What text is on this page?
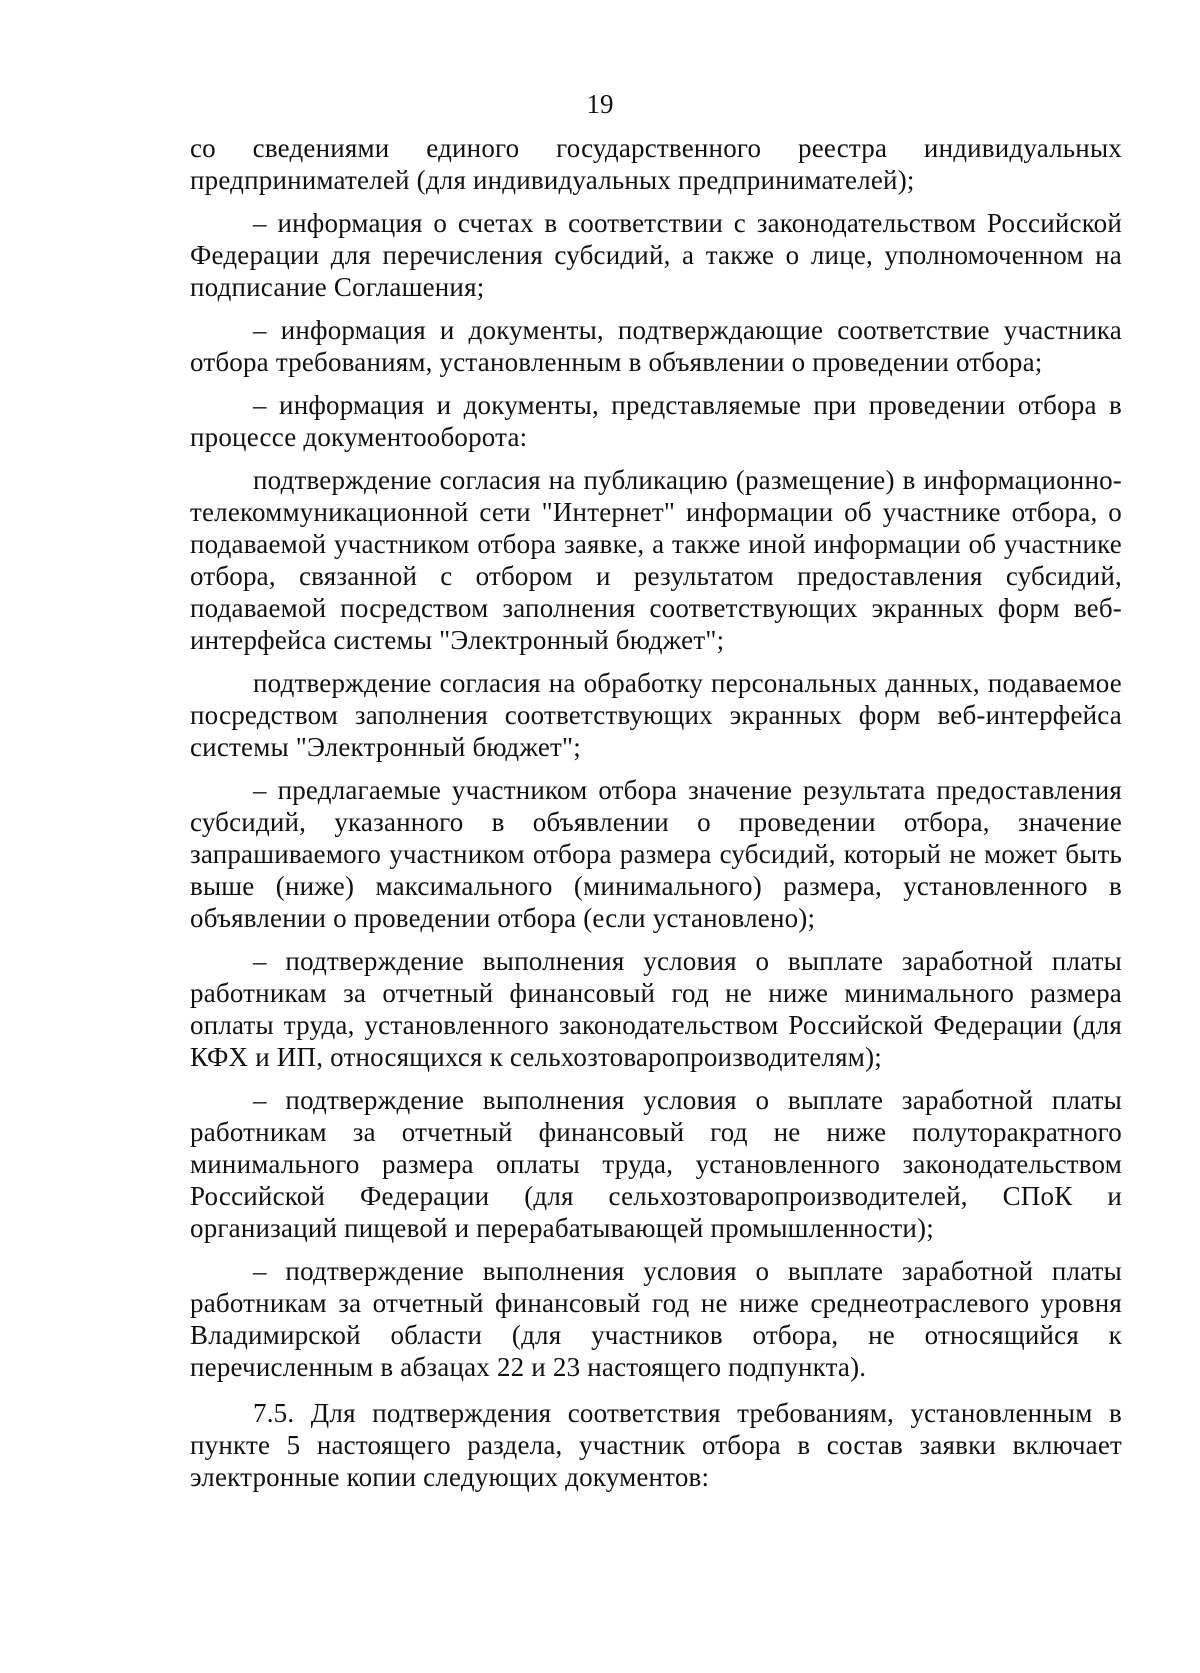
19

со сведениями единого государственного реестра индивидуальных предпринимателей (для индивидуальных предпринимателей);

– информация о счетах в соответствии с законодательством Российской Федерации для перечисления субсидий, а также о лице, уполномоченном на подписание Соглашения;

– информация и документы, подтверждающие соответствие участника отбора требованиям, установленным в объявлении о проведении отбора;

– информация и документы, представляемые при проведении отбора в процессе документооборота:

подтверждение согласия на публикацию (размещение) в информационно-телекоммуникационной сети "Интернет" информации об участнике отбора, о подаваемой участником отбора заявке, а также иной информации об участнике отбора, связанной с отбором и результатом предоставления субсидий, подаваемой посредством заполнения соответствующих экранных форм веб-интерфейса системы "Электронный бюджет";

подтверждение согласия на обработку персональных данных, подаваемое посредством заполнения соответствующих экранных форм веб-интерфейса системы "Электронный бюджет";

– предлагаемые участником отбора значение результата предоставления субсидий, указанного в объявлении о проведении отбора, значение запрашиваемого участником отбора размера субсидий, который не может быть выше (ниже) максимального (минимального) размера, установленного в объявлении о проведении отбора (если установлено);

– подтверждение выполнения условия о выплате заработной платы работникам за отчетный финансовый год не ниже минимального размера оплаты труда, установленного законодательством Российской Федерации (для КФХ и ИП, относящихся к сельхозтоваропроизводителям);

– подтверждение выполнения условия о выплате заработной платы работникам за отчетный финансовый год не ниже полуторакратного минимального размера оплаты труда, установленного законодательством Российской Федерации (для сельхозтоваропроизводителей, СПоК и организаций пищевой и перерабатывающей промышленности);

– подтверждение выполнения условия о выплате заработной платы работникам за отчетный финансовый год не ниже среднеотраслевого уровня Владимирской области (для участников отбора, не относящийся к перечисленным в абзацах 22 и 23 настоящего подпункта).

7.5. Для подтверждения соответствия требованиям, установленным в пункте 5 настоящего раздела, участник отбора в состав заявки включает электронные копии следующих документов:
